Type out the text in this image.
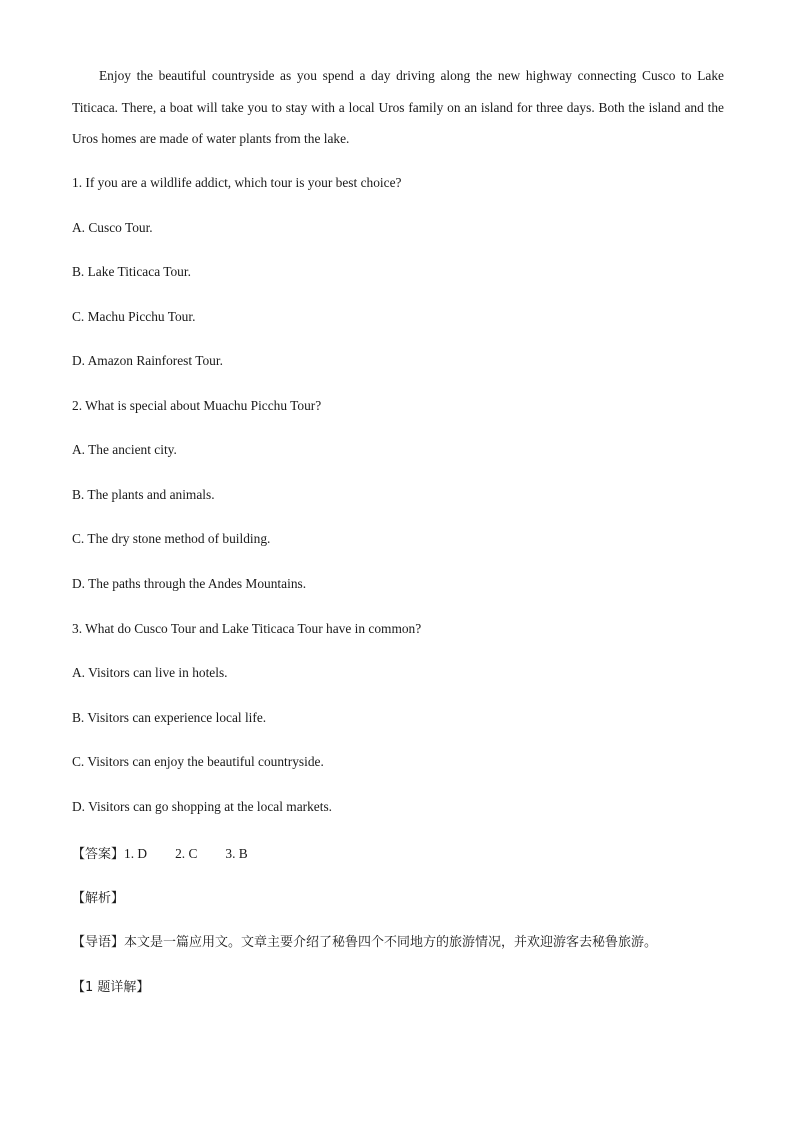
Enjoy the beautiful countryside as you spend a day driving along the new highway connecting Cusco to Lake Titicaca. There, a boat will take you to stay with a local Uros family on an island for three days. Both the island and the Uros homes are made of water plants from the lake.

1. If you are a wildlife addict, which tour is your best choice?

A. Cusco Tour.

B. Lake Titicaca Tour.

C. Machu Picchu Tour.

D. Amazon Rainforest Tour.

2. What is special about Muachu Picchu Tour?

A. The ancient city.

B. The plants and animals.

C. The dry stone method of building.

D. The paths through the Andes Mountains.

3. What do Cusco Tour and Lake Titicaca Tour have in common?

A. Visitors can live in hotels.

B. Visitors can experience local life.

C. Visitors can enjoy the beautiful countryside.

D. Visitors can go shopping at the local markets.

【答案】1. D 2. C 3. B

【解析】

【导语】本文是一篇应用文。文章主要介绍了秘鲁四个不同地方的旅游情况，并欢迎游客去秘鲁旅游。

【1 题详解】
